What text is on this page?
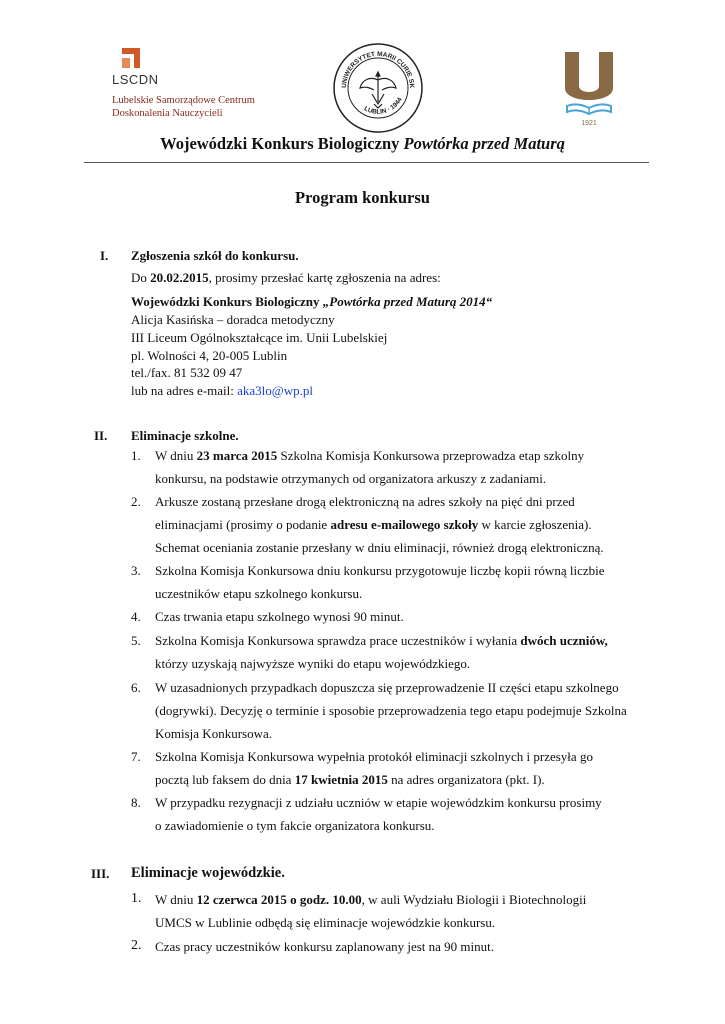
LSCDN
Lubelskie Samorządowe Centrum
Doskonalenia Nauczycieli
UNIWERSYTET MARII CURIE SK
LUBLIN · 1944
1921
Wojewódzki Konkurs Biologiczny Powtórka przed Maturą
Program konkursu
I. Zgłoszenia szkół do konkursu.
Do 20.02.2015, prosimy przesłać kartę zgłoszenia na adres:
Wojewódzki Konkurs Biologiczny „Powtórka przed Maturą 2014“
Alicja Kasińska – doradca metodyczny
III Liceum Ogólnokształcące im. Unii Lubelskiej
pl. Wolności 4, 20-005 Lublin
tel./fax. 81 532 09 47
lub na adres e-mail: aka3lo@wp.pl
II. Eliminacje szkolne.
1. W dniu 23 marca 2015 Szkolna Komisja Konkursowa przeprowadza etap szkolny
konkursu, na podstawie otrzymanych od organizatora arkuszy z zadaniami.
2. Arkusze zostaną przesłane drogą elektroniczną na adres szkoły na pięć dni przed
eliminacjami (prosimy o podanie adresu e-mailowego szkoły w karcie zgłoszenia).
Schemat oceniania zostanie przesłany w dniu eliminacji, również drogą elektroniczną.
3. Szkolna Komisja Konkursowa dniu konkursu przygotowuje liczbę kopii równą liczbie
uczestników etapu szkolnego konkursu.
4. Czas trwania etapu szkolnego wynosi 90 minut.
5. Szkolna Komisja Konkursowa sprawdza prace uczestników i wyłania dwóch uczniów,
którzy uzyskają najwyższe wyniki do etapu wojewódzkiego.
6. W uzasadnionych przypadkach dopuszcza się przeprowadzenie II części etapu szkolnego
(dogrywki). Decyzję o terminie i sposobie przeprowadzenia tego etapu podejmuje Szkolna
Komisja Konkursowa.
7. Szkolna Komisja Konkursowa wypełnia protokół eliminacji szkolnych i przesyła go
pocztą lub faksem do dnia 17 kwietnia 2015 na adres organizatora (pkt. I).
8. W przypadku rezygnacji z udziału uczniów w etapie wojewódzkim konkursu prosimy
o zawiadomienie o tym fakcie organizatora konkursu.
III. Eliminacje wojewódzkie.
1. W dniu 12 czerwca 2015 o godz. 10.00, w auli Wydziału Biologii i Biotechnologii
UMCS w Lublinie odbędą się eliminacje wojewódzkie konkursu.
2. Czas pracy uczestników konkursu zaplanowany jest na 90 minut.
